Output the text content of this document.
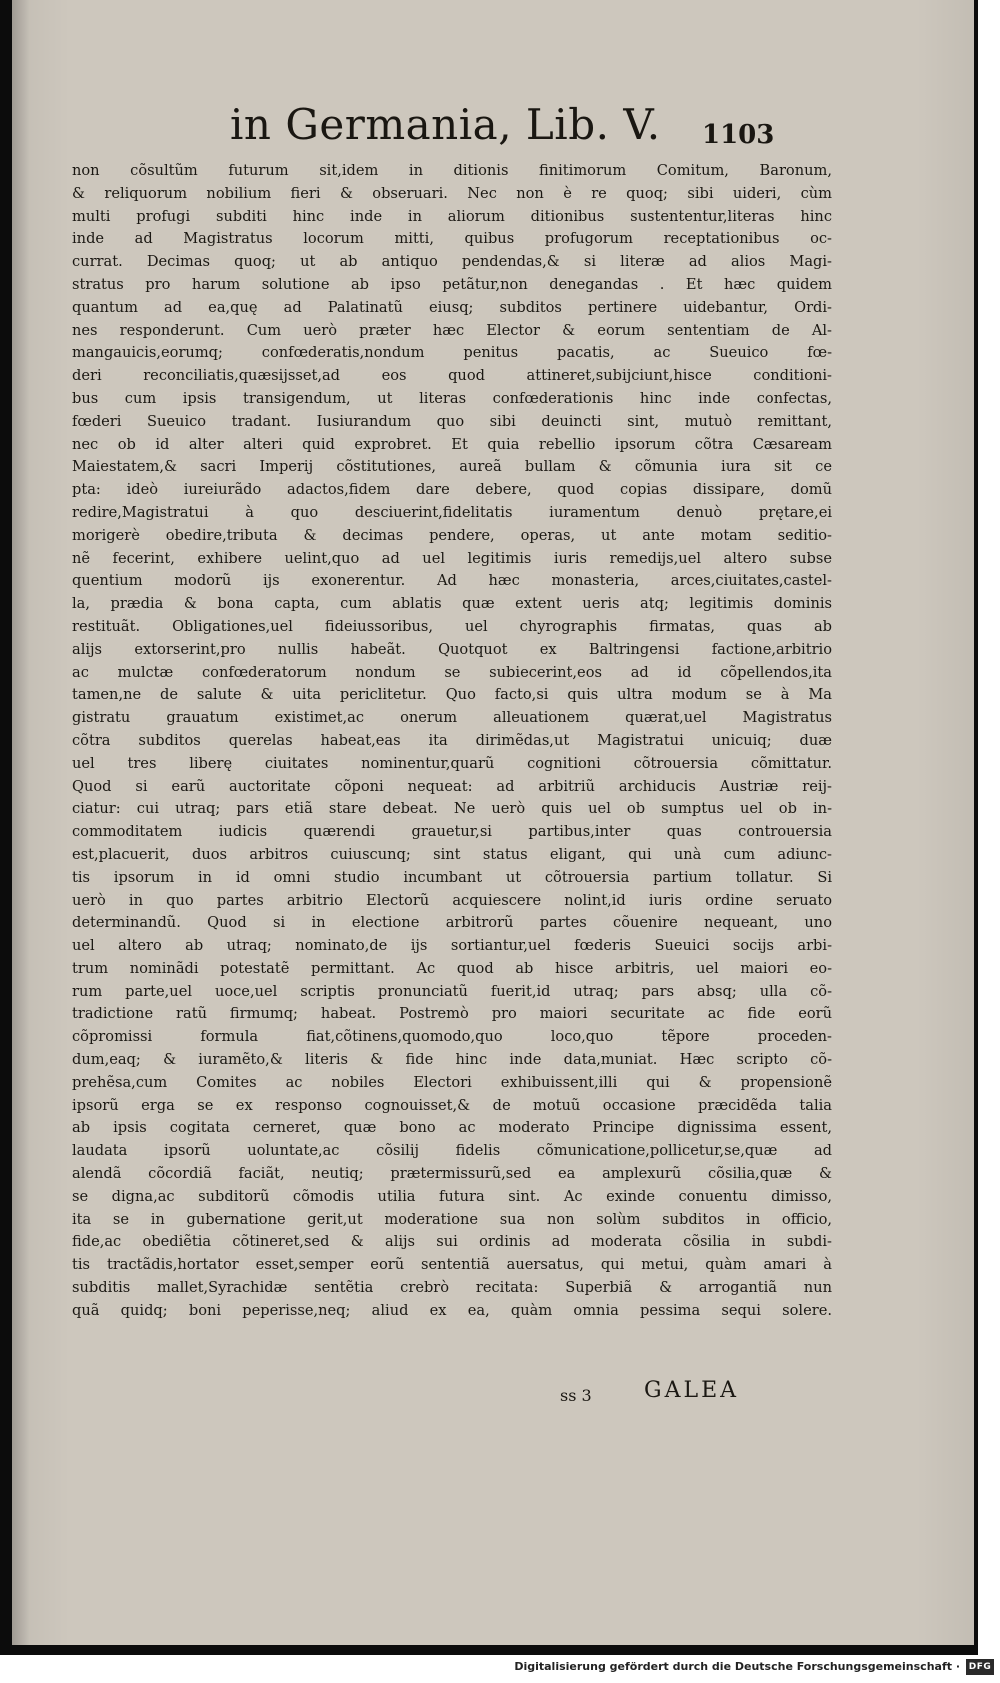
in Germania, Lib. V. 1103
non cõsultũm futurum sit,idem in ditionis finitimorum Comitum, Baronum,
& reliquorum nobilium fieri & obseruari. Nec non è re quoq; sibi uideri, cùm
multi profugi subditi hinc inde in aliorum ditionibus sustententur,literas hinc
inde ad Magistratus locorum mitti, quibus profugorum receptationibus oc-
currat. Decimas quoq; ut ab antiquo pendendas,& si literæ ad alios Magi-
stratus pro harum solutione ab ipso petãtur,non denegandas . Et hæc quidem
quantum ad ea,quę ad Palatinatũ eiusq; subditos pertinere uidebantur, Ordi-
nes responderunt. Cum uerò præter hæc Elector & eorum sententiam de Al-
mangauicis,eorumq; confœderatis,nondum penitus pacatis, ac Sueuico fœ-
deri reconciliatis,quæsijsset,ad eos quod attineret,subijciunt,hisce conditioni-
bus cum ipsis transigendum, ut literas confœderationis hinc inde confectas,
fœderi Sueuico tradant. Iusiurandum quo sibi deuincti sint, mutuò remittant,
nec ob id alter alteri quid exprobret. Et quia rebellio ipsorum cõtra Cæsaream
Maiestatem,& sacri Imperij cõstitutiones, aureã bullam & cõmunia iura sit ce
pta: ideò iureiurãdo adactos,fidem dare debere, quod copias dissipare, domũ
redire,Magistratui à quo desciuerint,fidelitatis iuramentum denuò prętare,ei
morigerè obedire,tributa & decimas pendere, operas, ut ante motam seditio-
nẽ fecerint, exhibere uelint,quo ad uel legitimis iuris remedijs,uel altero subse
quentium modorũ ijs exonerentur. Ad hæc monasteria, arces,ciuitates,castel-
la, prædia & bona capta, cum ablatis quæ extent ueris atq; legitimis dominis
restituãt. Obligationes,uel fideiussoribus, uel chyrographis firmatas, quas ab
alijs extorserint,pro nullis habeãt. Quotquot ex Baltringensi factione,arbitrio
ac mulctæ confœderatorum nondum se subiecerint,eos ad id cõpellendos,ita
tamen,ne de salute & uita periclitetur. Quo facto,si quis ultra modum se à Ma
gistratu grauatum existimet,ac onerum alleuationem quærat,uel Magistratus
cõtra subditos querelas habeat,eas ita dirimẽdas,ut Magistratui unicuiq; duæ
uel tres liberę ciuitates nominentur,quarũ cognitioni cõtrouersia cõmittatur.
Quod si earũ auctoritate cõponi nequeat: ad arbitriũ archiducis Austriæ reij-
ciatur: cui utraq; pars etiã stare debeat. Ne uerò quis uel ob sumptus uel ob in-
commoditatem iudicis quærendi grauetur,si partibus,inter quas controuersia
est,placuerit, duos arbitros cuiuscunq; sint status eligant, qui unà cum adiunc-
tis ipsorum in id omni studio incumbant ut cõtrouersia partium tollatur. Si
uerò in quo partes arbitrio Electorũ acquiescere nolint,id iuris ordine seruato
determinandũ. Quod si in electione arbitrorũ partes cõuenire nequeant, uno
uel altero ab utraq; nominato,de ijs sortiantur,uel fœderis Sueuici socijs arbi-
trum nominãdi potestatẽ permittant. Ac quod ab hisce arbitris, uel maiori eo-
rum parte,uel uoce,uel scriptis pronunciatũ fuerit,id utraq; pars absq; ulla cõ-
tradictione ratũ firmumq; habeat. Postremò pro maiori securitate ac fide eorũ
cõpromissi formula fiat,cõtinens,quomodo,quo loco,quo tẽpore proceden-
dum,eaq; & iuramẽto,& literis & fide hinc inde data,muniat. Hæc scripto cõ-
prehẽsa,cum Comites ac nobiles Electori exhibuissent,illi qui & propensionẽ
ipsorũ erga se ex responso cognouisset,& de motuũ occasione præcidẽda talia
ab ipsis cogitata cerneret, quæ bono ac moderato Principe dignissima essent,
laudata ipsorũ uoluntate,ac cõsilij fidelis cõmunicatione,pollicetur,se,quæ ad
alendã cõcordiã faciãt, neutiq; prætermissurũ,sed ea amplexurũ cõsilia,quæ &
se digna,ac subditorũ cõmodis utilia futura sint. Ac exinde conuentu dimisso,
ita se in gubernatione gerit,ut moderatione sua non solùm subditos in officio,
fide,ac obediẽtia cõtineret,sed & alijs sui ordinis ad moderata cõsilia in subdi-
tis tractãdis,hortator esset,semper eorũ sententiã auersatus, qui metui, quàm amari à
subditis mallet,Syrachidæ sentẽtia crebrò recitata: Superbiã & arrogantiã nun
quã quidq; boni peperisse,neq; aliud ex ea, quàm omnia pessima sequi solere.
ss 3 GALEA
Digitalisierung gefördert durch die Deutsche Forschungsgemeinschaft · DFG
